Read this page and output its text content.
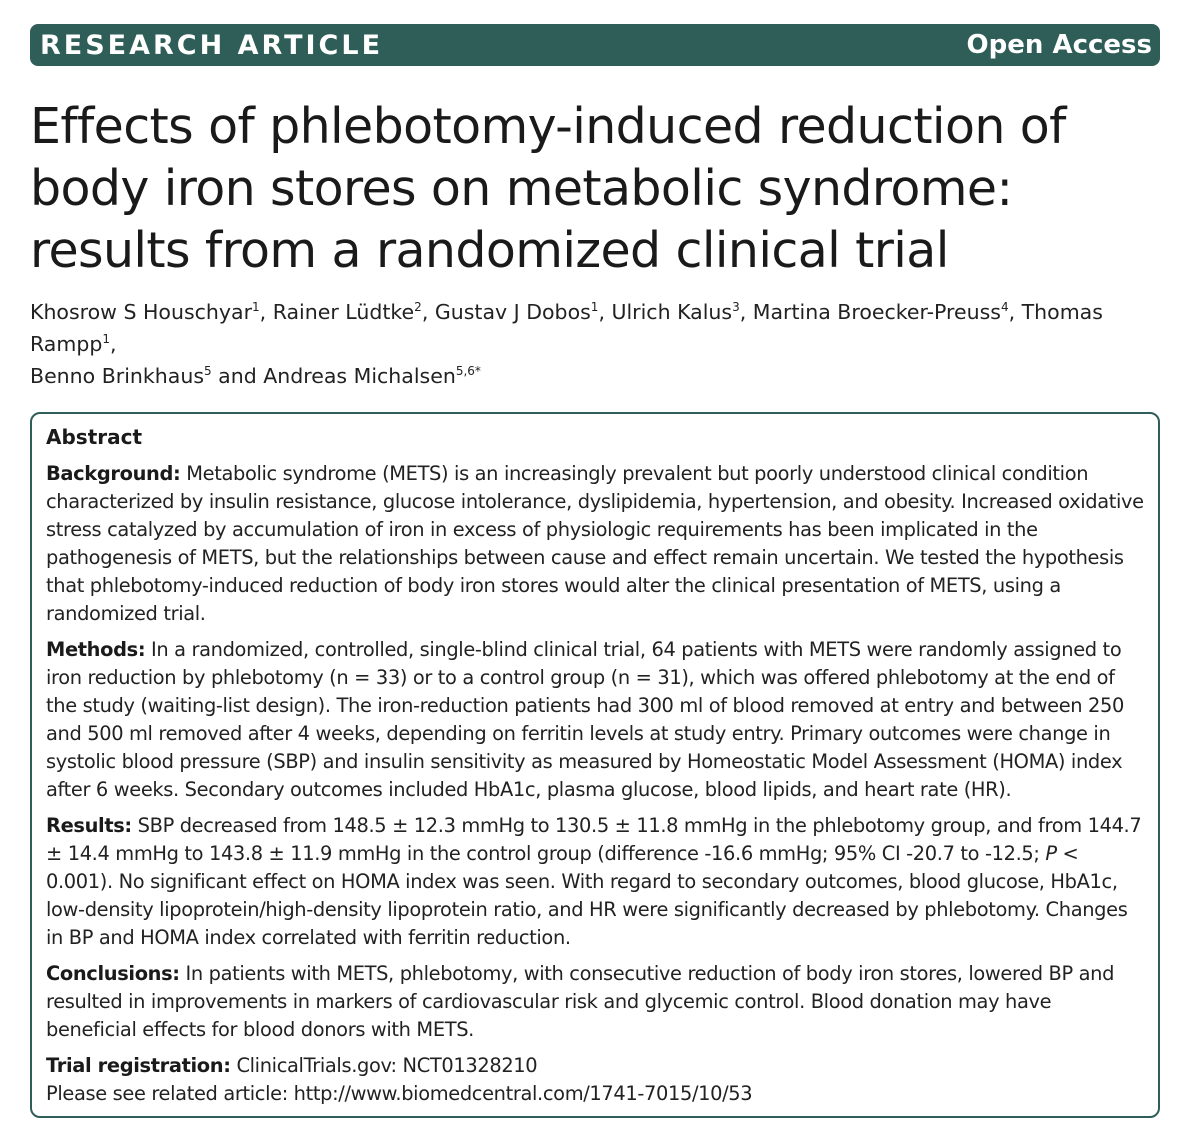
RESEARCH ARTICLE	Open Access
Effects of phlebotomy-induced reduction of body iron stores on metabolic syndrome: results from a randomized clinical trial
Khosrow S Houschyar$^1$, Rainer Lüdtke$^2$, Gustav J Dobos$^1$, Ulrich Kalus$^3$, Martina Broecker-Preuss$^4$, Thomas Rampp$^1$,
Benno Brinkhaus$^5$ and Andreas Michalsen$^{5,6*}$
Abstract

Background: Metabolic syndrome (METS) is an increasingly prevalent but poorly understood clinical condition characterized by insulin resistance, glucose intolerance, dyslipidemia, hypertension, and obesity. Increased oxidative stress catalyzed by accumulation of iron in excess of physiologic requirements has been implicated in the pathogenesis of METS, but the relationships between cause and effect remain uncertain. We tested the hypothesis that phlebotomy-induced reduction of body iron stores would alter the clinical presentation of METS, using a randomized trial.

Methods: In a randomized, controlled, single-blind clinical trial, 64 patients with METS were randomly assigned to iron reduction by phlebotomy (n = 33) or to a control group (n = 31), which was offered phlebotomy at the end of the study (waiting-list design). The iron-reduction patients had 300 ml of blood removed at entry and between 250 and 500 ml removed after 4 weeks, depending on ferritin levels at study entry. Primary outcomes were change in systolic blood pressure (SBP) and insulin sensitivity as measured by Homeostatic Model Assessment (HOMA) index after 6 weeks. Secondary outcomes included HbA1c, plasma glucose, blood lipids, and heart rate (HR).

Results: SBP decreased from 148.5 ± 12.3 mmHg to 130.5 ± 11.8 mmHg in the phlebotomy group, and from 144.7 ± 14.4 mmHg to 143.8 ± 11.9 mmHg in the control group (difference -16.6 mmHg; 95% CI -20.7 to -12.5; P < 0.001). No significant effect on HOMA index was seen. With regard to secondary outcomes, blood glucose, HbA1c, low-density lipoprotein/high-density lipoprotein ratio, and HR were significantly decreased by phlebotomy. Changes in BP and HOMA index correlated with ferritin reduction.

Conclusions: In patients with METS, phlebotomy, with consecutive reduction of body iron stores, lowered BP and resulted in improvements in markers of cardiovascular risk and glycemic control. Blood donation may have beneficial effects for blood donors with METS.

Trial registration: ClinicalTrials.gov: NCT01328210

Please see related article: http://www.biomedcentral.com/1741-7015/10/53
